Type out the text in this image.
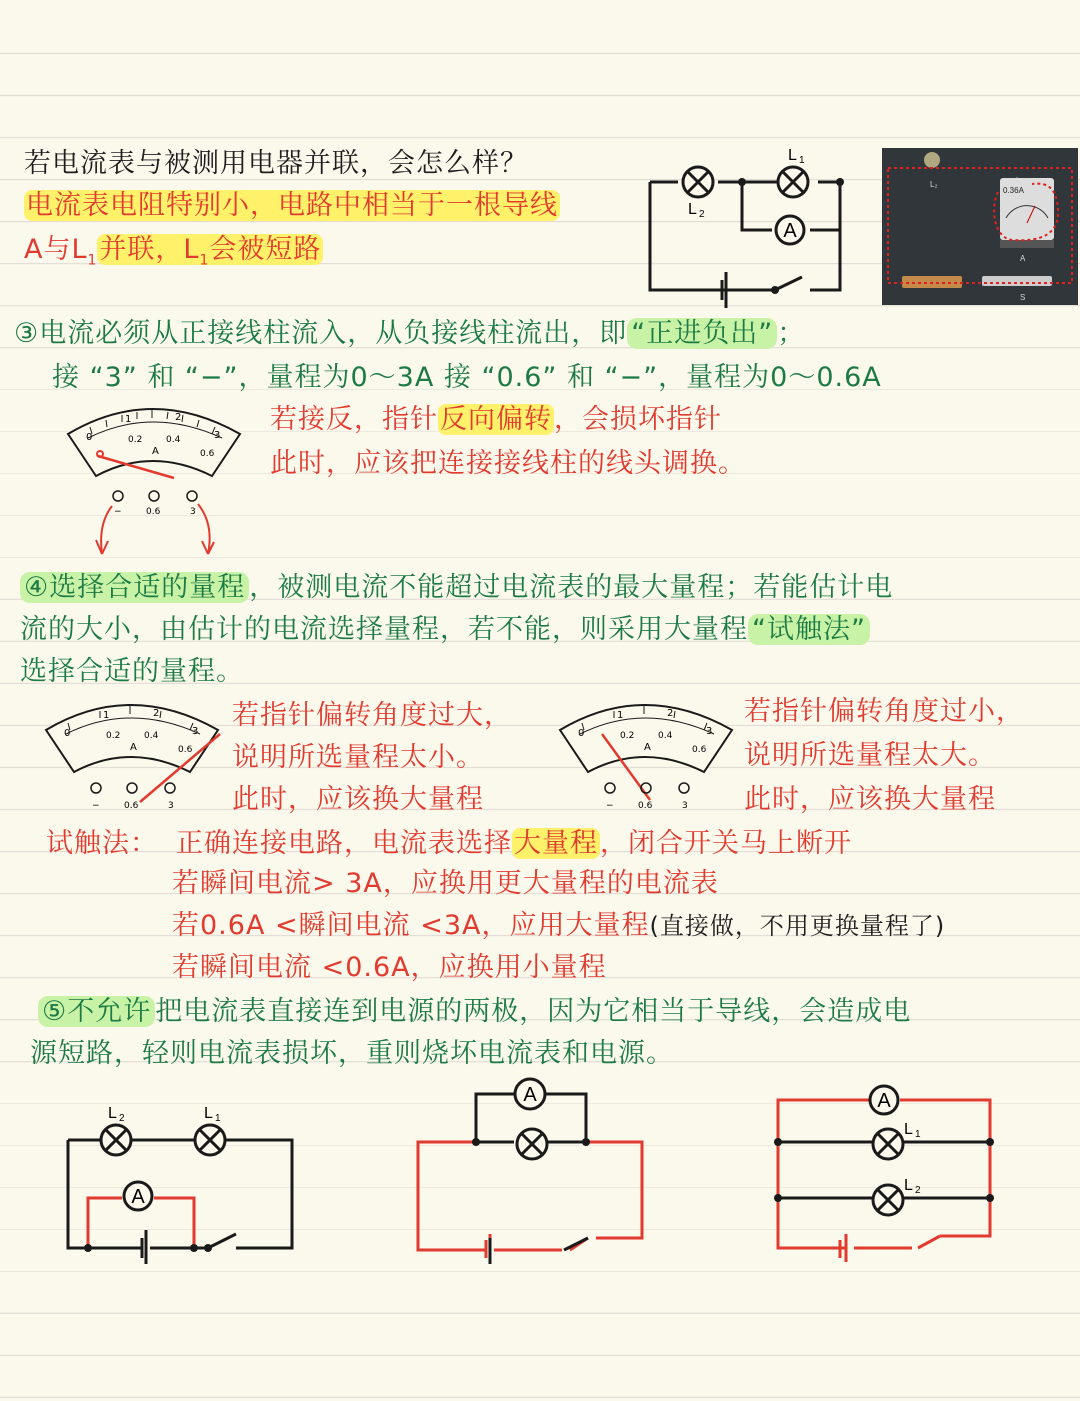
若电流表与被测用电器并联，会怎么样？
电流表电阻特别小，电路中相当于一根导线
A与$L_1$并联，$L_1$会被短路
A
L 1
L 2
L₂	L₁
0.36A
A
S
③电流必须从正接线柱流入，从负接线柱流出，即 “正进负出” ；
接 “3” 和 “−”，量程为0～3A 接 “0.6” 和 “−”，量程为0～0.6A
0
1	2
3
0.2	0.4
0.6
A
−	0.6	3
若接反，指针反向偏转，会损坏指针
此时，应该把连接接线柱的线头调换。
④选择合适的量程 ，被测电流不能超过电流表的最大量程；若能估计电
流的大小，由估计的电流选择量程，若不能，则采用大量程 “试触法”
选择合适的量程。
0
1	2
3
0.2	0.4
0.6
A
−	0.6	3
若指针偏转角度过大，
说明所选量程太小。
此时，应该换大量程
0
1	2
3
0.2	0.4
0.6
A
−	0.6	3
若指针偏转角度过小，
说明所选量程太大。
此时，应该换大量程
试触法： 正确连接电路，电流表选择大量程，闭合开关马上断开
若瞬间电流> 3A，应换用更大量程的电流表
若0.6A <瞬间电流 <3A，应用大量程(直接做，不用更换量程了)
若瞬间电流 <0.6A，应换用小量程
⑤不允许 把电流表直接连到电源的两极，因为它相当于导线，会造成电
源短路，轻则电流表损坏，重则烧坏电流表和电源。
A
L 2	L 1
A	A
L 1
L 2
